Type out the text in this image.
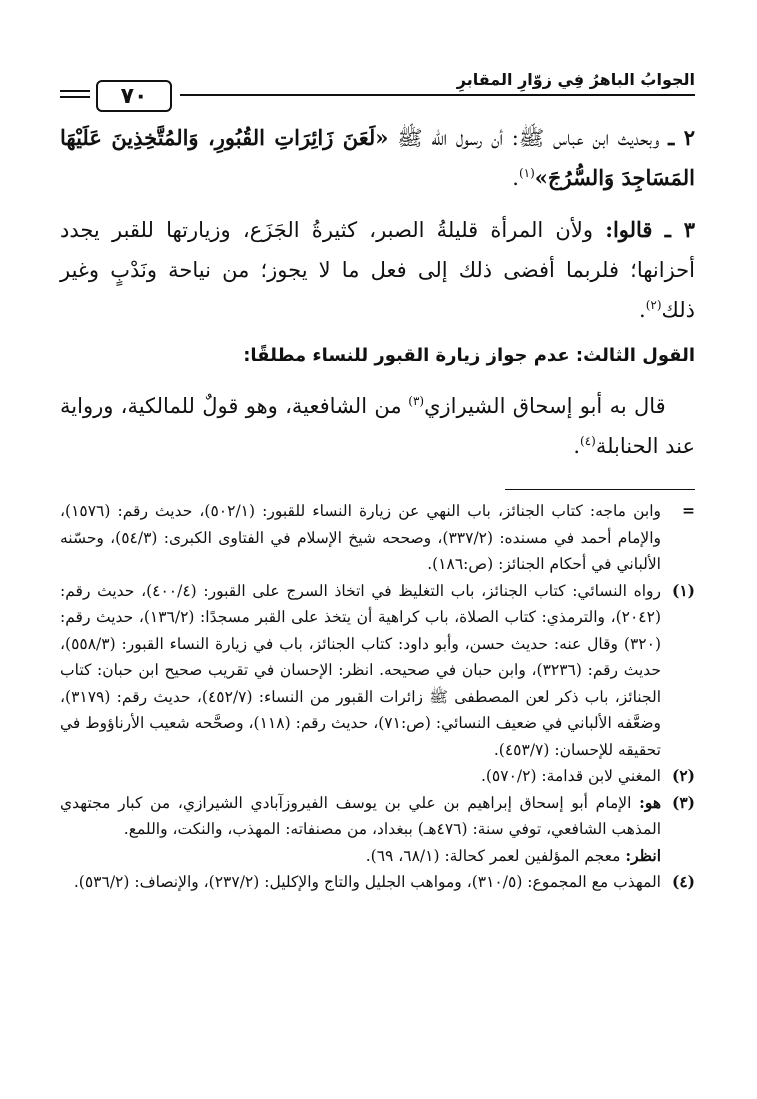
الجوابُ الباهرُ فِي زوّارِ المقابرِ
٧٠

٢ ـ وبحديث ابن عباس ﷺ: أن رسول الله ﷺ «لَعَنَ زَائِرَاتِ القُبُورِ، وَالمُتَّخِذِينَ عَلَيْهَا المَسَاجِدَ وَالسُّرُجَ»$^{(١)}$.

٣ ـ قالوا: ولأن المرأة قليلةُ الصبر، كثيرةُ الجَزَع، وزيارتها للقبر يجدد أحزانها؛ فلربما أفضى ذلك إلى فعل ما لا يجوز؛ من نياحة ونَدْبٍ وغير ذلك$^{(٢)}$.

القول الثالث: عدم جواز زيارة القبور للنساء مطلقًا:

قال به أبو إسحاق الشيرازي$^{(٣)}$ من الشافعية، وهو قولٌ للمالكية، ورواية عند الحنابلة$^{(٤)}$.

=
وابن ماجه: كتاب الجنائز، باب النهي عن زيارة النساء للقبور: (٥٠٢/١)، حديث رقم: (١٥٧٦)، والإمام أحمد في مسنده: (٣٣٧/٢)، وصححه شيخ الإسلام في الفتاوى الكبرى: (٥٤/٣)، وحسّنه الألباني في أحكام الجنائز: (ص:١٨٦).
(١)
رواه النسائي: كتاب الجنائز، باب التغليظ في اتخاذ السرج على القبور: (٤٠٠/٤)، حديث رقم: (٢٠٤٢)، والترمذي: كتاب الصلاة، باب كراهية أن يتخذ على القبر مسجدًا: (١٣٦/٢)، حديث رقم: (٣٢٠) وقال عنه: حديث حسن، وأبو داود: كتاب الجنائز، باب في زيارة النساء القبور: (٥٥٨/٣)، حديث رقم: (٣٢٣٦)، وابن حبان في صحيحه. انظر: الإحسان في تقريب صحيح ابن حبان: كتاب الجنائز، باب ذكر لعن المصطفى ﷺ زائرات القبور من النساء: (٤٥٢/٧)، حديث رقم: (٣١٧٩)، وضعَّفه الألباني في ضعيف النسائي: (ص:٧١)، حديث رقم: (١١٨)، وصحَّحه شعيب الأرناؤوط في تحقيقه للإحسان: (٤٥٣/٧).
(٢)
المغني لابن قدامة: (٥٧٠/٢).
(٣)
هو: الإمام أبو إسحاق إبراهيم بن علي بن يوسف الفيروزآبادي الشيرازي، من كبار مجتهدي المذهب الشافعي، توفي سنة: (٤٧٦هـ) ببغداد، من مصنفاته: المهذب، والنكت، واللمع.
انظر: معجم المؤلفين لعمر كحالة: (٦٨/١، ٦٩).
(٤)
المهذب مع المجموع: (٣١٠/٥)، ومواهب الجليل والتاج والإكليل: (٢٣٧/٢)، والإنصاف: (٥٣٦/٢).
